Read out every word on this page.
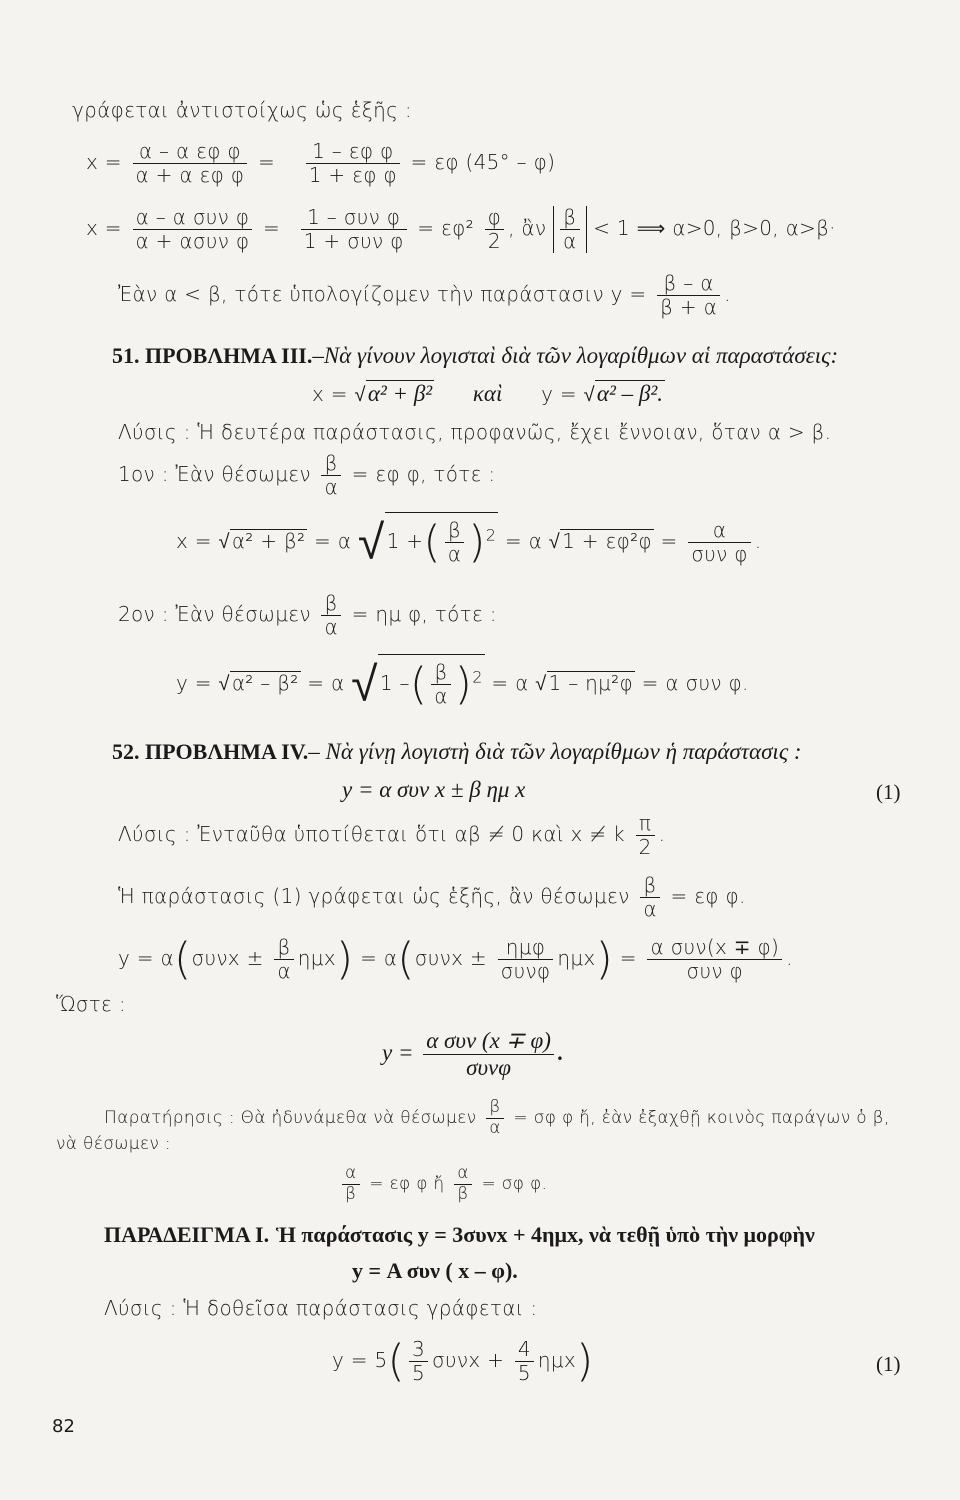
γράφεται ἀντιστοίχως ὡς ἑξῆς :
$x = \frac{\text{α – α εφ φ}}{\text{α + α εφ φ}} = \frac{\text{1 – εφ φ}}{\text{1 + εφ φ}} = \varepsilon\varphi$ (45° – φ)
$x = \frac{\text{α – α συν φ}}{\text{α + ασυν φ}} = \frac{\text{1 – συν φ}}{\text{1 + συν φ}} = \varepsilon\varphi^2 \frac{\varphi}{2}$ , ἂν $\frac{\beta}{\alpha} < 1$ ⟹ α>0, β>0, α>β·
Ἐὰν α < β, τότε ὑπολογίζομεν τὴν παράστασιν $y = \frac{\beta - \alpha}{\beta + \alpha}$ .
51. ΠΡΟΒΛΗΜΑ ΙΙΙ.–Νὰ γίνουν λογισταὶ διὰ τῶν λογαρίθμων αἱ παραστάσεις:
x = √α² + β² καὶ y = √α² – β².
Λύσις : Ἡ δευτέρα παράστασις, προφανῶς, ἔχει ἔννοιαν, ὅταν α > β.
1ον : Ἐὰν θέσωμεν $\frac{\beta}{\alpha} = \varepsilon\varphi$ φ, τότε :
x = √ α² + β² = α √ 1 +( $\frac{\beta}{\alpha} )^2 = \alpha$ √ $1 + \varepsilon\varphi^2\varphi = \frac{\alpha}{\text{συν φ}}$ .
2ον : Ἐὰν θέσωμεν $\frac{\beta}{\alpha} = \eta\mu$ φ, τότε :
y = √ α² – β² = α √ 1 –( $\frac{\beta}{\alpha} )^2 = \alpha$ √ 1 – ημ²φ = α συν φ.
52. ΠΡΟΒΛΗΜΑ ΙV.– Νὰ γίνῃ λογιστὴ διὰ τῶν λογαρίθμων ἡ παράστασις :
y = α συν x ± β ημ x	(1)
Λύσις : Ἐνταῦθα ὑποτίθεται ὅτι αβ ≠ 0 καὶ x ≠ k $\frac{\pi}{2}$ .
Ἡ παράστασις (1) γράφεται ὡς ἑξῆς, ἂν θέσωμεν $\frac{\beta}{\alpha} = \varepsilon\varphi$ φ.
$y = \alpha(\sigma\upsilon\nu x \pm \frac{\beta}{\alpha} \eta\mu x) = \alpha(\sigma\upsilon\nu x \pm \frac{\text{ημφ}}{\text{συνφ}} \eta\mu x) = \frac{\text{α συν(x ∓ φ)}}{\text{συν φ}}$ .
Ὥστε :
$y = \frac{\text{α συν (x ∓ φ)}}{\text{συνφ}}$ .
Παρατήρησις : Θὰ ἠδυνάμεθα νὰ θέσωμεν $\frac{\beta}{\alpha} = \sigma\varphi$ φ ἤ, ἐὰν ἐξαχθῇ κοινὸς παράγων ὁ β,
νὰ θέσωμεν :
$\frac{\alpha}{\beta} = \varepsilon\varphi$ φ ἤ $\frac{\alpha}{\beta} = \sigma\varphi$ φ.
ΠΑΡΑΔΕΙΓΜΑ Ι. Ἡ παράστασις y = 3συνx + 4ημx, νὰ τεθῇ ὑπὸ τὴν μορφὴν
y = Α συν ( x – φ).
Λύσις : Ἡ δοθεῖσα παράστασις γράφεται :
$y = 5( \frac{3}{5}$ $\sigma\upsilon\nu x + \frac{4}{5} \eta\mu x$)	(1)
82
